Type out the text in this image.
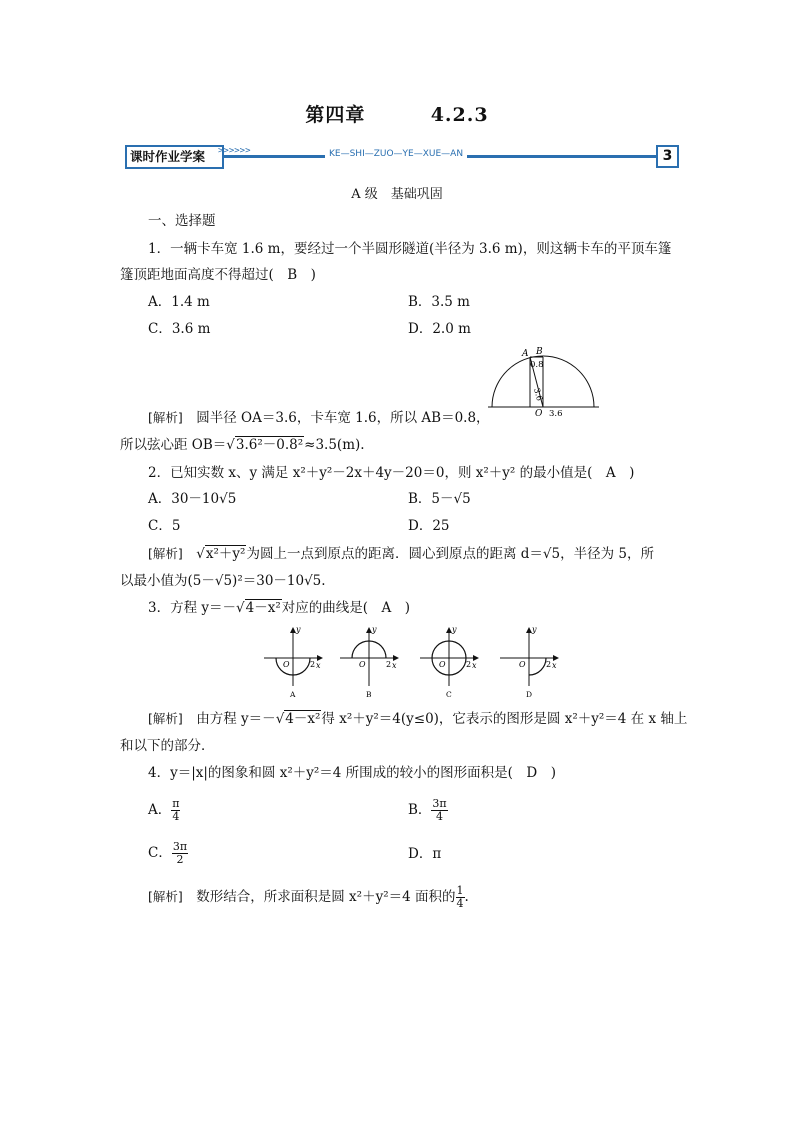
第四章	4.2.3
课时作业学案	>>>>>>	KE—SHI—ZUO—YE—XUE—AN	3
A 级　基础巩固
一、选择题
1．一辆卡车宽 1.6 m，要经过一个半圆形隧道(半径为 3.6 m)，则这辆卡车的平顶车篷
篷顶距地面高度不得超过(　B　)
A．1.4 m	B．3.5 m
C．3.6 m	D．2.0 m
A B
O
0.8
3.6
3.6
[解析]　 圆半径 OA＝3.6，卡车宽 1.6，所以 AB＝0.8，
所以弦心距 OB＝√3.6²－0.8²≈3.5(m).
2．已知实数 x、y 满足 x²＋y²－2x＋4y－20＝0，则 x²＋y² 的最小值是(　A　)
A．30－10√5	B．5－√5
C．5	D．25
[解析]　√x²＋y²为圆上一点到原点的距离．圆心到原点的距离 d＝√5，半径为 5，所
以最小值为(5－√5)²＝30－10√5.
3．方程 y＝－√4－x²对应的曲线是(　A　)
y
x
O	2
A
y
x
O	2
B
y
x
O	2
C
y
x
O	2
D
[解析]　 由方程 y＝－√4－x²得 x²＋y²＝4(y≤0)，它表示的图形是圆 x²＋y²＝4 在 x 轴上
和以下的部分．
4．y＝|x|的图象和圆 x²＋y²＝4 所围成的较小的图形面积是(　D　)
A． $\frac{\pi}{4}$	B． $\frac{3\pi}{4}$
C． $\frac{3\pi}{2}$	D．π
[解析]　 数形结合，所求面积是圆 x²＋y²＝4 面积的 $\frac{1}{4}$ .
